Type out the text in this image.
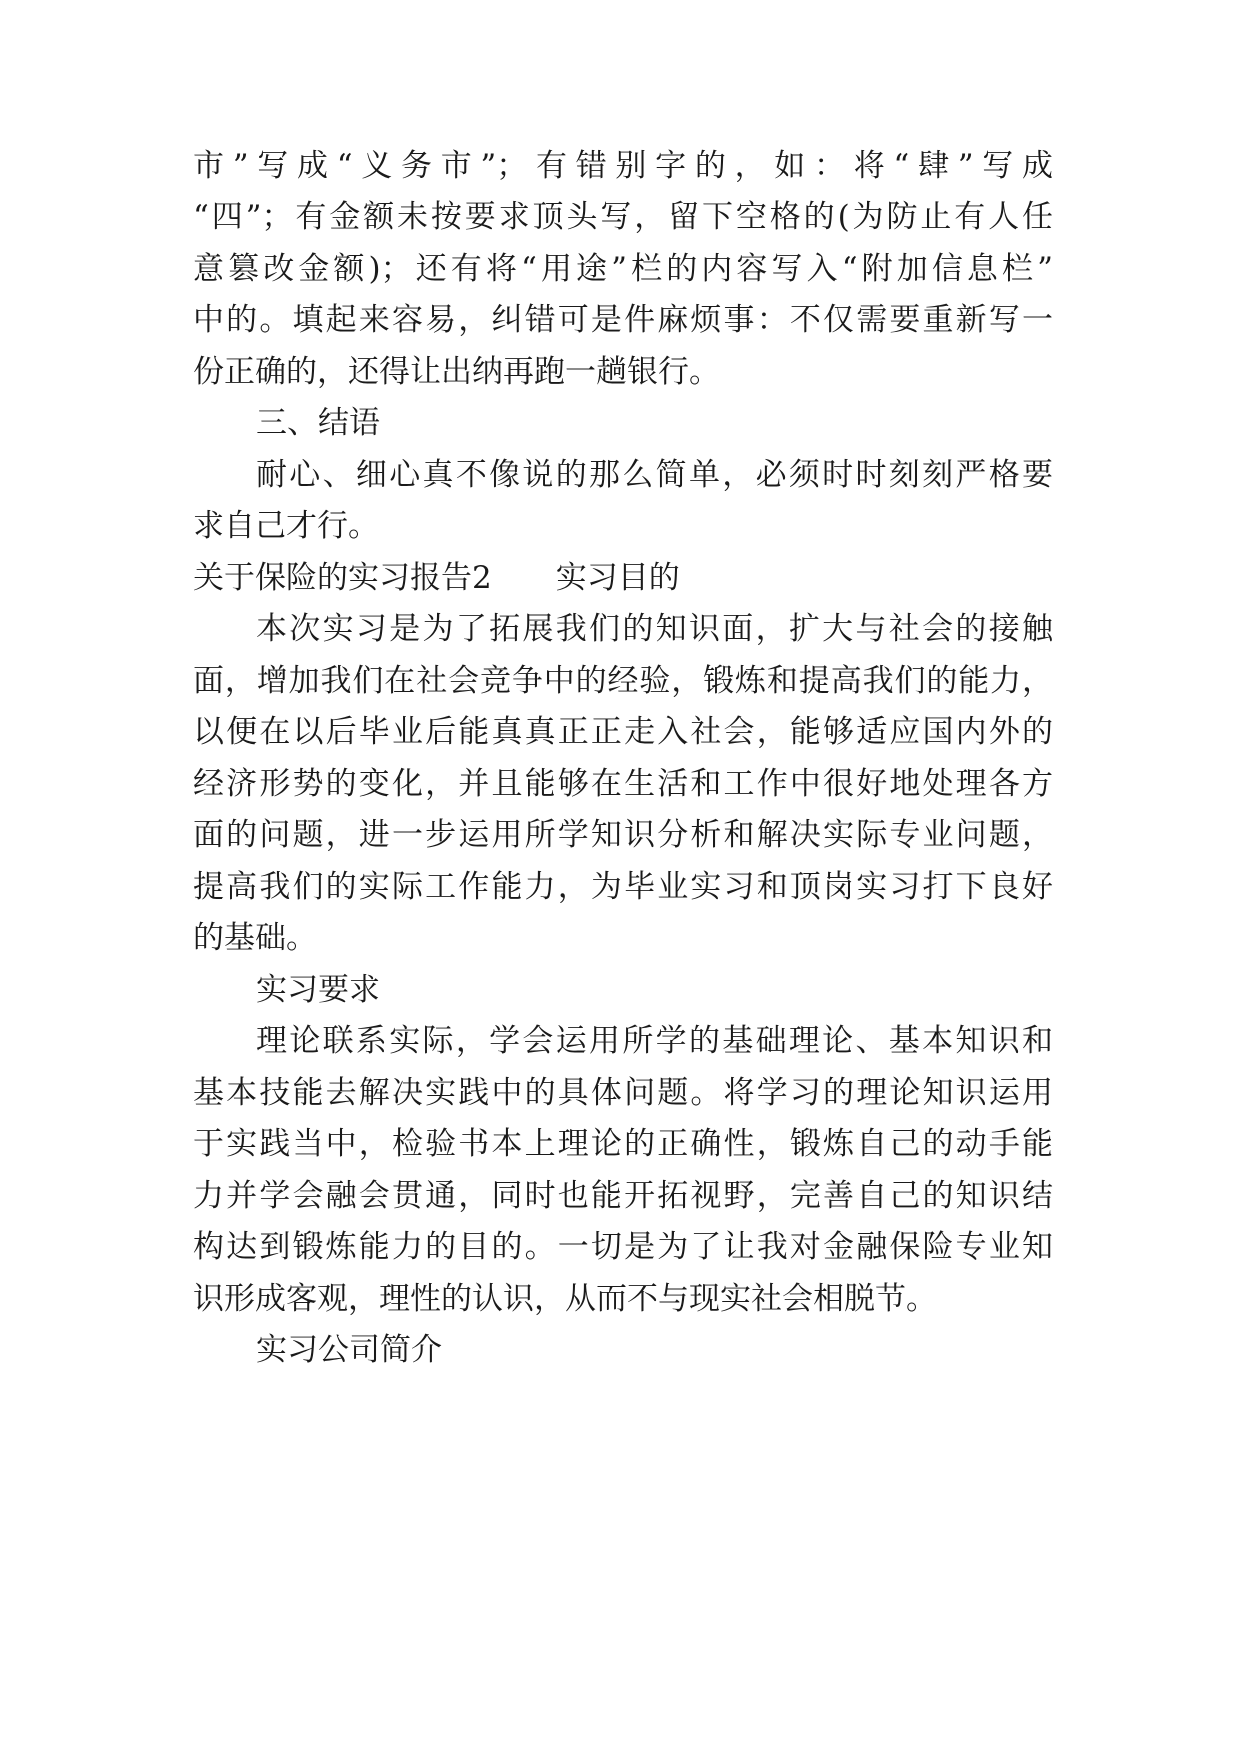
市”写成“义务市”；有错别字的，如：将“肆”写成
“四”；有金额未按要求顶头写，留下空格的(为防止有人任
意篡改金额)；还有将“用途”栏的内容写入“附加信息栏”
中的。填起来容易，纠错可是件麻烦事：不仅需要重新写一
份正确的，还得让出纳再跑一趟银行。
三、结语
耐心、细心真不像说的那么简单，必须时时刻刻严格要
求自己才行。
关于保险的实习报告2 实习目的
本次实习是为了拓展我们的知识面，扩大与社会的接触
面，增加我们在社会竞争中的经验，锻炼和提高我们的能力，
以便在以后毕业后能真真正正走入社会，能够适应国内外的
经济形势的变化，并且能够在生活和工作中很好地处理各方
面的问题，进一步运用所学知识分析和解决实际专业问题，
提高我们的实际工作能力，为毕业实习和顶岗实习打下良好
的基础。
实习要求
理论联系实际，学会运用所学的基础理论、基本知识和
基本技能去解决实践中的具体问题。将学习的理论知识运用
于实践当中，检验书本上理论的正确性，锻炼自己的动手能
力并学会融会贯通，同时也能开拓视野，完善自己的知识结
构达到锻炼能力的目的。一切是为了让我对金融保险专业知
识形成客观，理性的认识，从而不与现实社会相脱节。
实习公司简介
